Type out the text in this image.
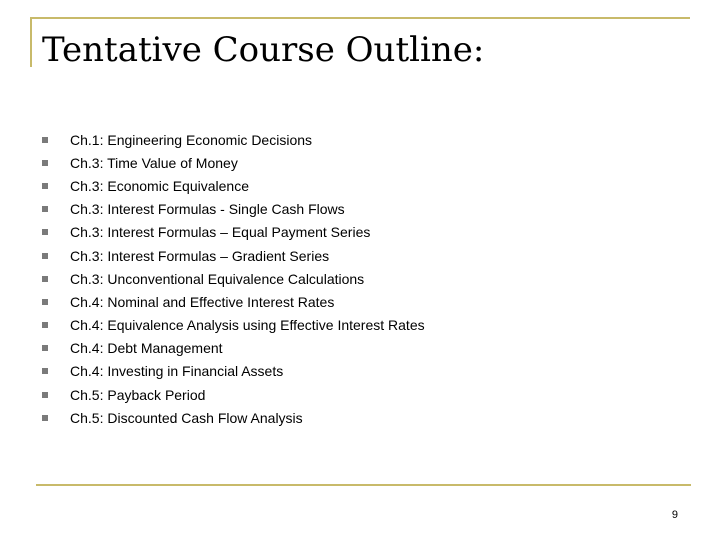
Tentative Course Outline:
Ch.1: Engineering Economic Decisions
Ch.3: Time Value of Money
Ch.3: Economic Equivalence
Ch.3: Interest Formulas - Single Cash Flows
Ch.3: Interest Formulas – Equal Payment Series
Ch.3: Interest Formulas – Gradient Series
Ch.3: Unconventional Equivalence Calculations
Ch.4: Nominal and Effective Interest Rates
Ch.4: Equivalence Analysis using Effective Interest Rates
Ch.4: Debt Management
Ch.4: Investing in Financial Assets
Ch.5: Payback Period
Ch.5: Discounted Cash Flow Analysis
9
